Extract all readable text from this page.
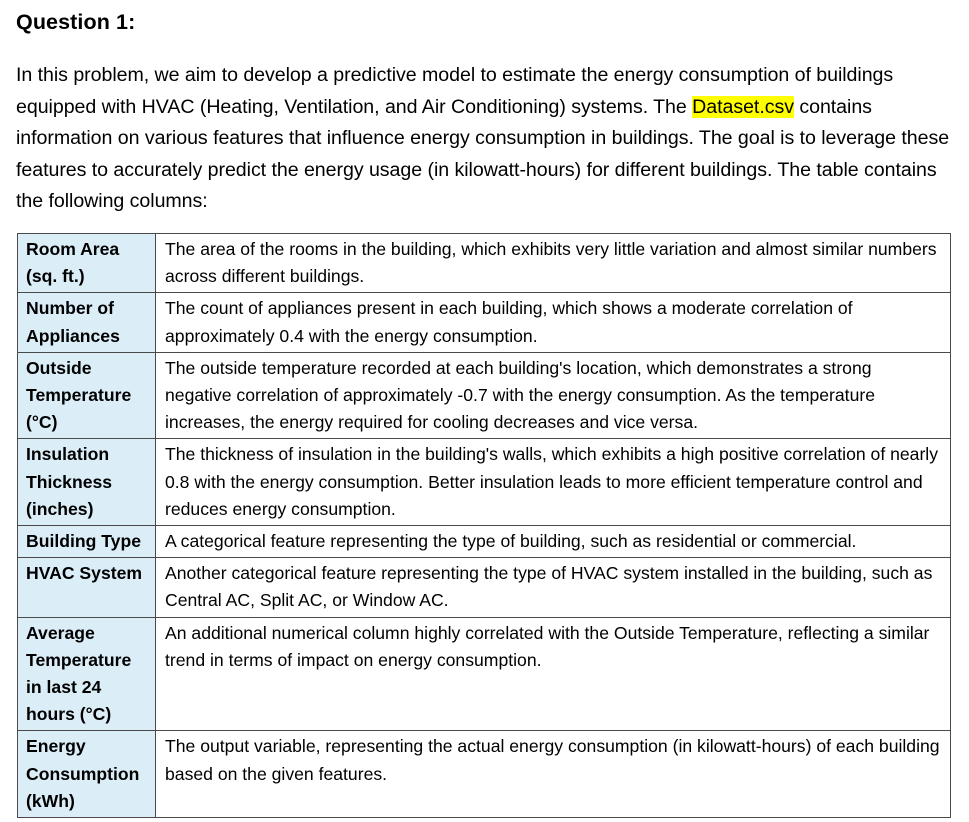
Question 1:

In this problem, we aim to develop a predictive model to estimate the energy consumption of buildings equipped with HVAC (Heating, Ventilation, and Air Conditioning) systems. The Dataset.csv contains information on various features that influence energy consumption in buildings. The goal is to leverage these features to accurately predict the energy usage (in kilowatt-hours) for different buildings. The table contains the following columns:

Room Area (sq. ft.)	The area of the rooms in the building, which exhibits very little variation and almost similar numbers across different buildings.
Number of Appliances	The count of appliances present in each building, which shows a moderate correlation of approximately 0.4 with the energy consumption.
Outside Temperature (°C)	The outside temperature recorded at each building's location, which demonstrates a strong negative correlation of approximately -0.7 with the energy consumption. As the temperature increases, the energy required for cooling decreases and vice versa.
Insulation Thickness (inches)	The thickness of insulation in the building's walls, which exhibits a high positive correlation of nearly 0.8 with the energy consumption. Better insulation leads to more efficient temperature control and reduces energy consumption.
Building Type	A categorical feature representing the type of building, such as residential or commercial.
HVAC System	Another categorical feature representing the type of HVAC system installed in the building, such as Central AC, Split AC, or Window AC.
Average Temperature in last 24 hours (°C)	An additional numerical column highly correlated with the Outside Temperature, reflecting a similar trend in terms of impact on energy consumption.
Energy Consumption (kWh)	The output variable, representing the actual energy consumption (in kilowatt-hours) of each building based on the given features.
